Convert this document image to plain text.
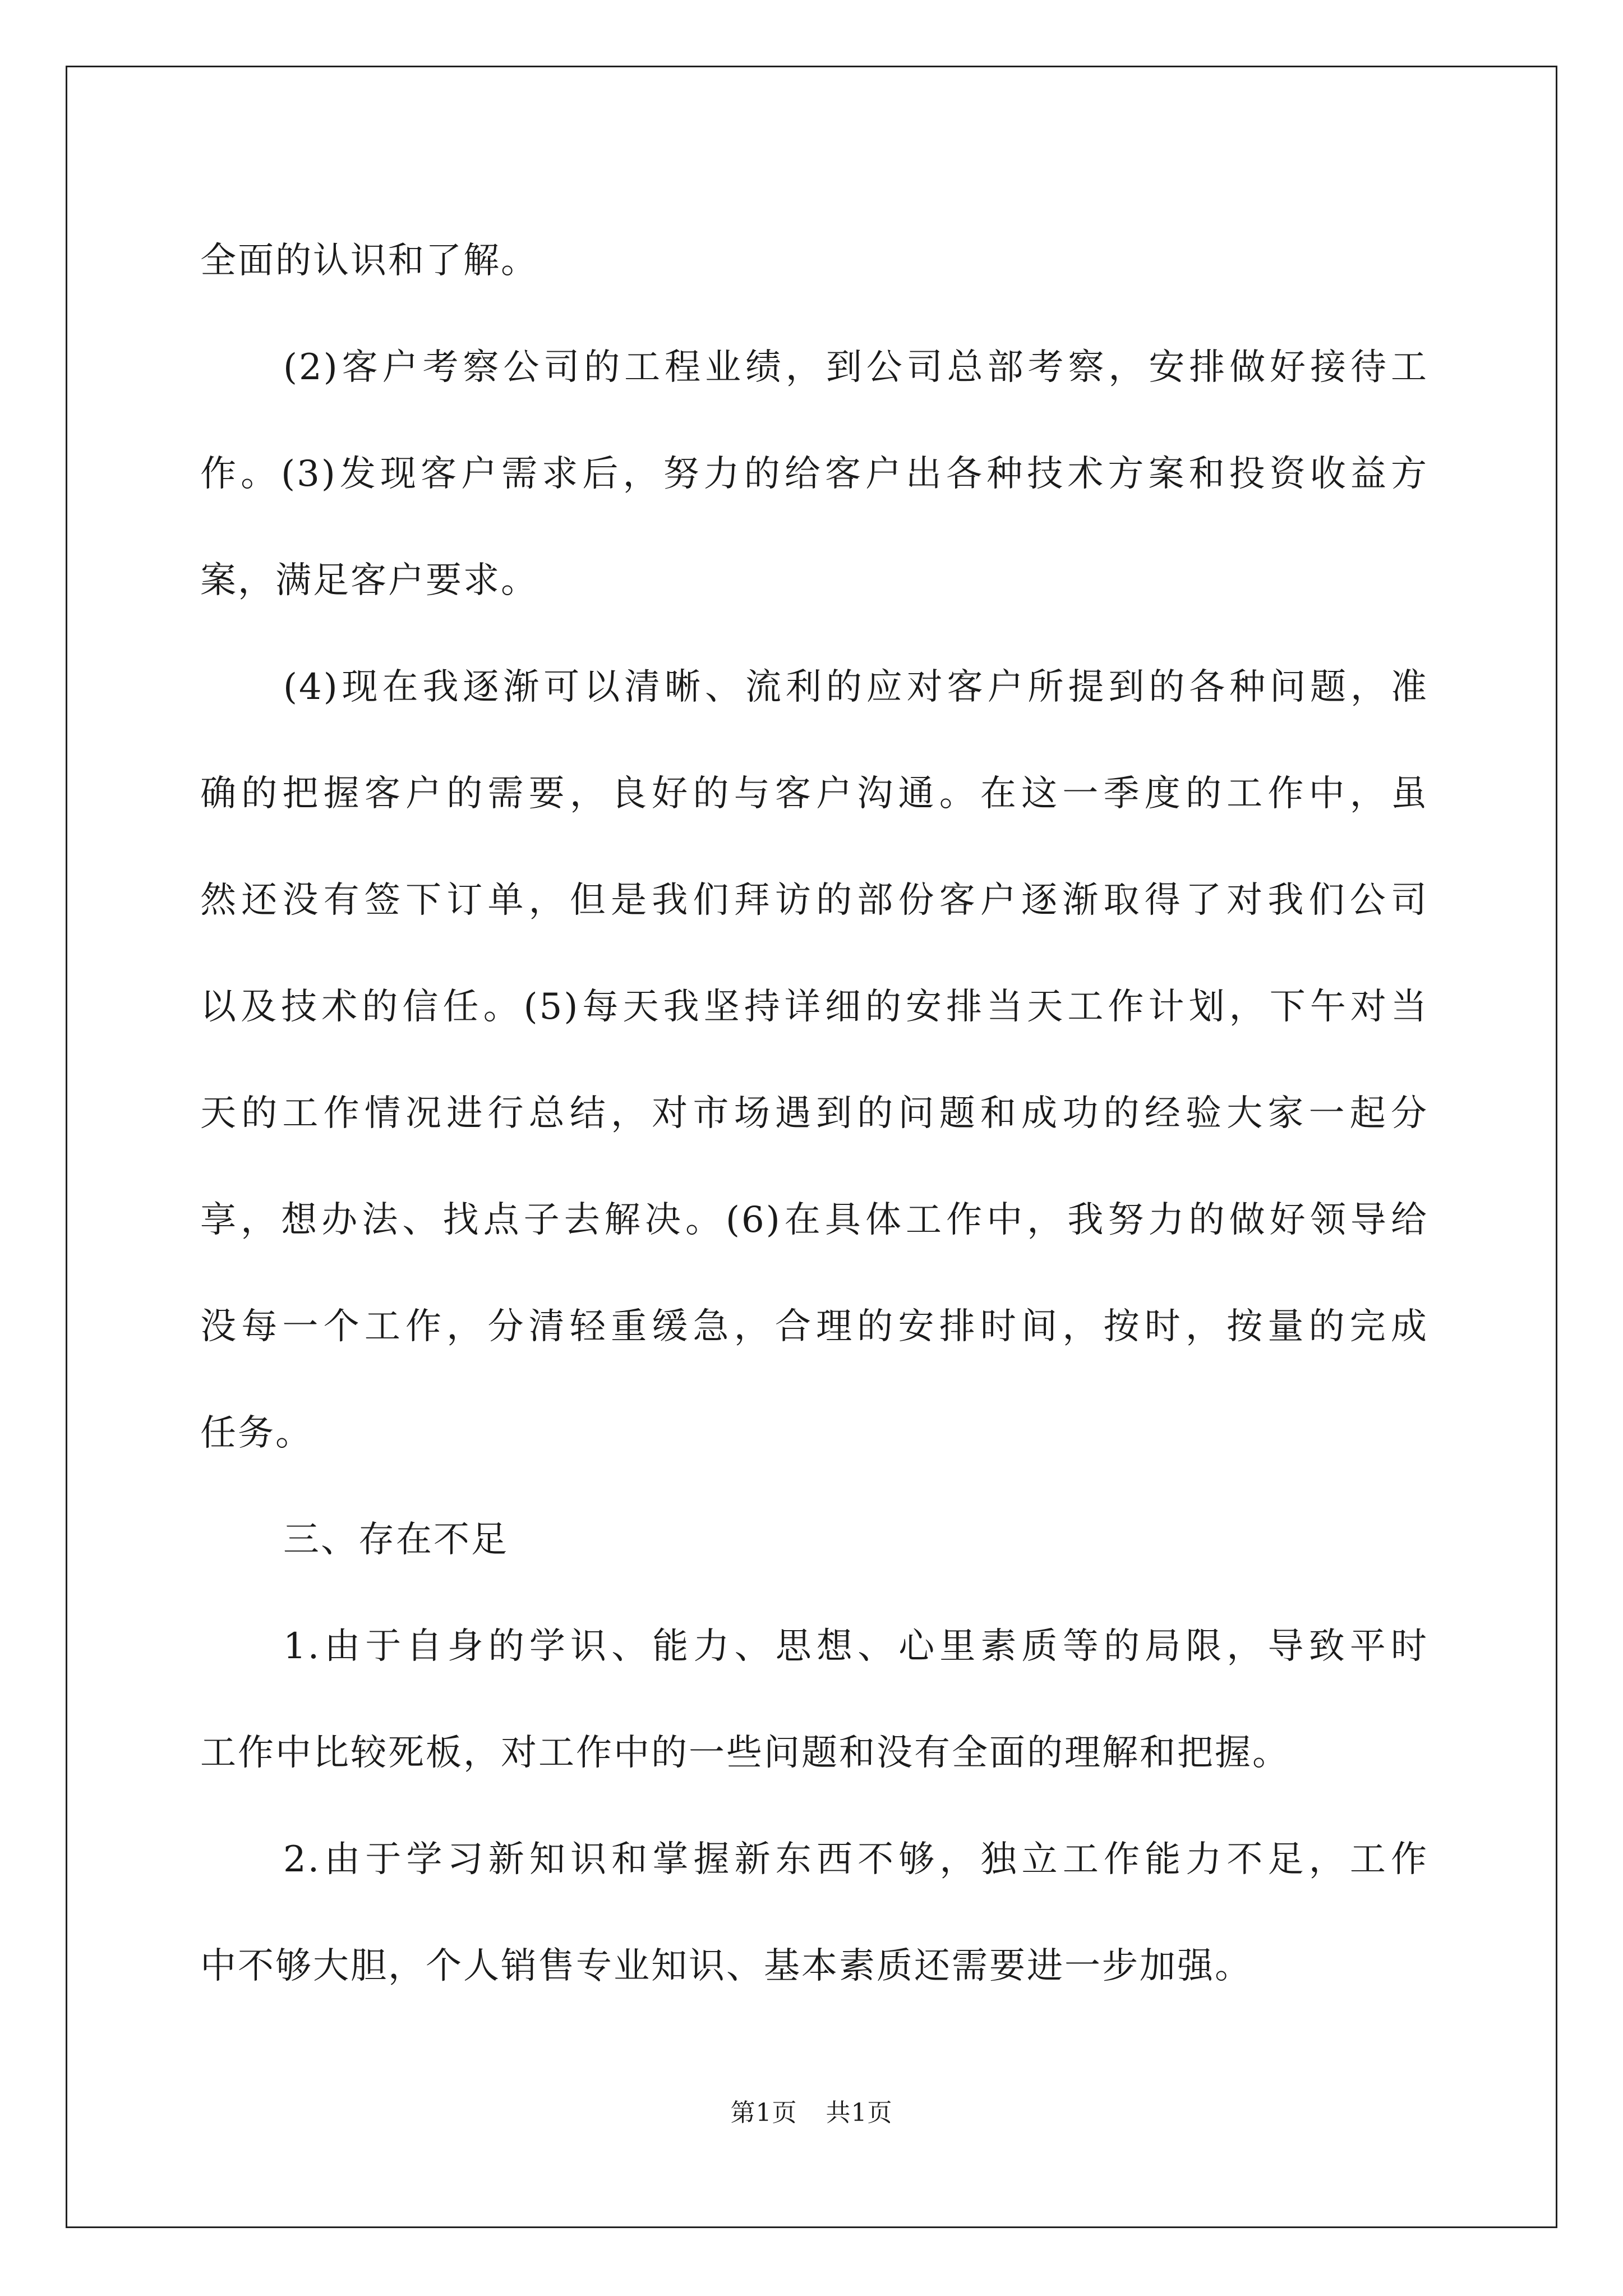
全面的认识和了解。
(2)客户考察公司的工程业绩，到公司总部考察，安排做好接待工
作。(3)发现客户需求后，努力的给客户出各种技术方案和投资收益方
案，满足客户要求。
(4)现在我逐渐可以清晰、流利的应对客户所提到的各种问题，准
确的把握客户的需要，良好的与客户沟通。在这一季度的工作中，虽
然还没有签下订单，但是我们拜访的部份客户逐渐取得了对我们公司
以及技术的信任。(5)每天我坚持详细的安排当天工作计划，下午对当
天的工作情况进行总结，对市场遇到的问题和成功的经验大家一起分
享，想办法、找点子去解决。(6)在具体工作中，我努力的做好领导给
没每一个工作，分清轻重缓急，合理的安排时间，按时，按量的完成
任务。
三、存在不足
1.由于自身的学识、能力、思想、心里素质等的局限，导致平时
工作中比较死板，对工作中的一些问题和没有全面的理解和把握。
2.由于学习新知识和掌握新东西不够，独立工作能力不足，工作
中不够大胆，个人销售专业知识、基本素质还需要进一步加强。
第1页 共1页
